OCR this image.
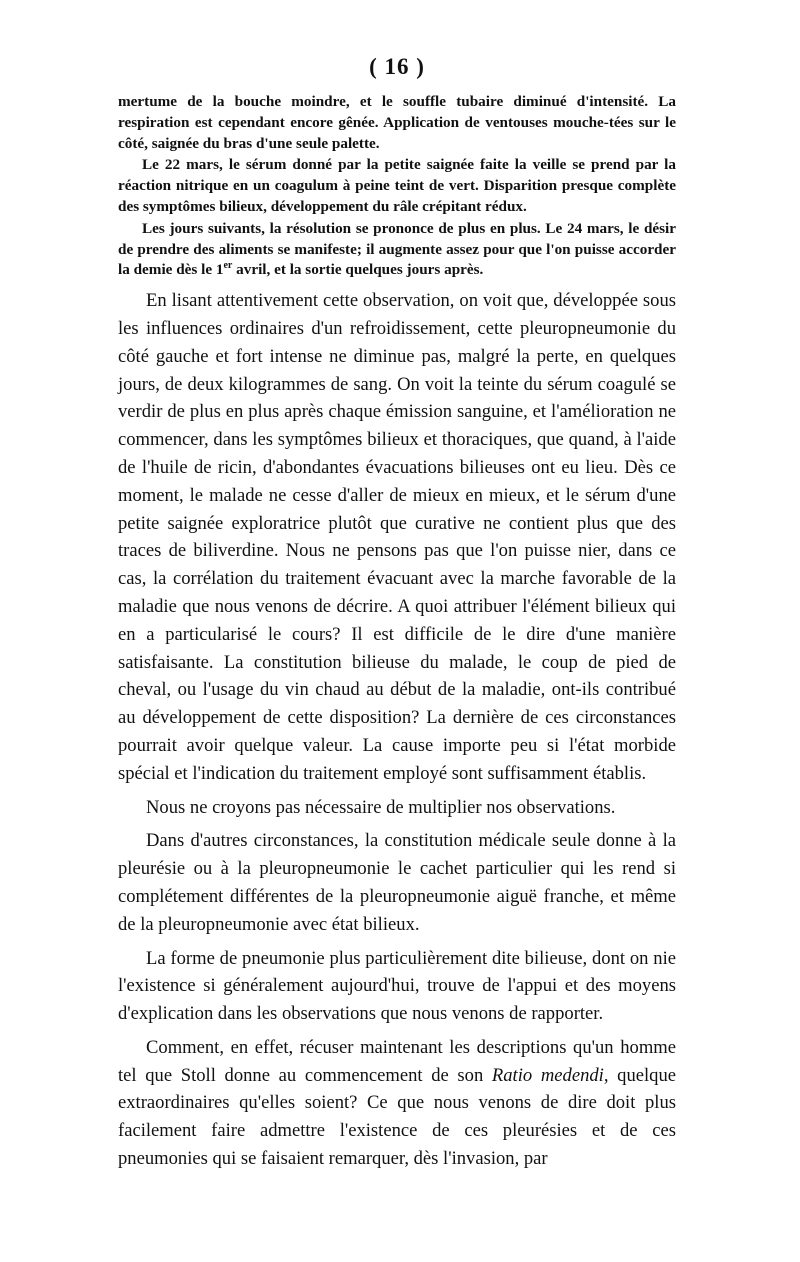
( 16 )

mertume de la bouche moindre, et le souffle tubaire diminué d'intensité. La respiration est cependant encore gênée. Application de ventouses mouche-tées sur le côté, saignée du bras d'une seule palette.

Le 22 mars, le sérum donné par la petite saignée faite la veille se prend par la réaction nitrique en un coagulum à peine teint de vert. Disparition presque complète des symptômes bilieux, développement du râle crépitant rédux.

Les jours suivants, la résolution se prononce de plus en plus. Le 24 mars, le désir de prendre des aliments se manifeste; il augmente assez pour que l'on puisse accorder la demie dès le 1er avril, et la sortie quelques jours après.

En lisant attentivement cette observation, on voit que, développée sous les influences ordinaires d'un refroidissement, cette pleuropneumonie du côté gauche et fort intense ne diminue pas, malgré la perte, en quelques jours, de deux kilogrammes de sang. On voit la teinte du sérum coagulé se verdir de plus en plus après chaque émission sanguine, et l'amélioration ne commencer, dans les symptômes bilieux et thoraciques, que quand, à l'aide de l'huile de ricin, d'abondantes évacuations bilieuses ont eu lieu. Dès ce moment, le malade ne cesse d'aller de mieux en mieux, et le sérum d'une petite saignée exploratrice plutôt que curative ne contient plus que des traces de biliverdine. Nous ne pensons pas que l'on puisse nier, dans ce cas, la corrélation du traitement évacuant avec la marche favorable de la maladie que nous venons de décrire. A quoi attribuer l'élément bilieux qui en a particularisé le cours? Il est difficile de le dire d'une manière satisfaisante. La constitution bilieuse du malade, le coup de pied de cheval, ou l'usage du vin chaud au début de la maladie, ont-ils contribué au développement de cette disposition? La dernière de ces circonstances pourrait avoir quelque valeur. La cause importe peu si l'état morbide spécial et l'indication du traitement employé sont suffisamment établis.

Nous ne croyons pas nécessaire de multiplier nos observations.

Dans d'autres circonstances, la constitution médicale seule donne à la pleurésie ou à la pleuropneumonie le cachet particulier qui les rend si complétement différentes de la pleuropneumonie aiguë franche, et même de la pleuropneumonie avec état bilieux.

La forme de pneumonie plus particulièrement dite bilieuse, dont on nie l'existence si généralement aujourd'hui, trouve de l'appui et des moyens d'explication dans les observations que nous venons de rapporter.

Comment, en effet, récuser maintenant les descriptions qu'un homme tel que Stoll donne au commencement de son Ratio medendi, quelque extraordinaires qu'elles soient? Ce que nous venons de dire doit plus facilement faire admettre l'existence de ces pleurésies et de ces pneumonies qui se faisaient remarquer, dès l'invasion, par
